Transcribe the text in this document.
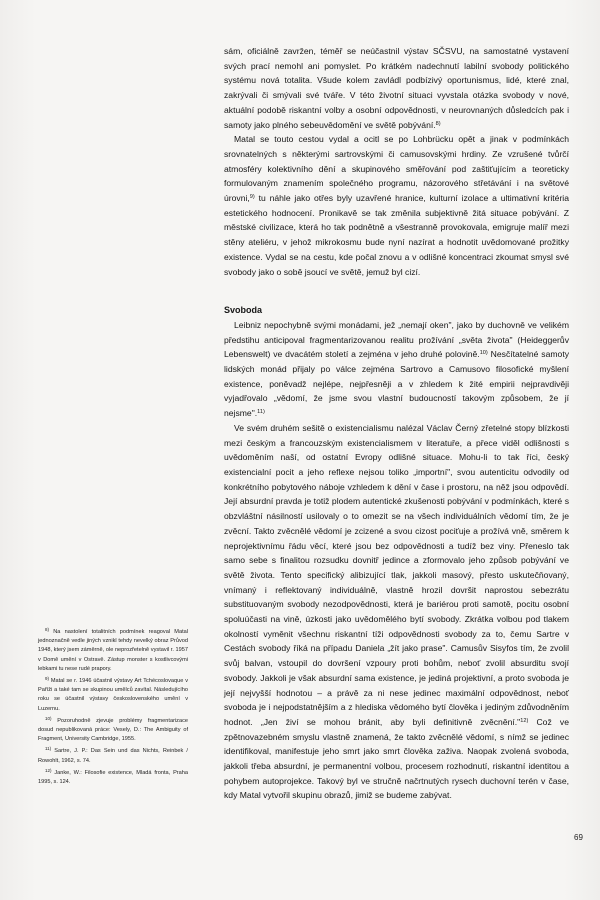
sám, oficiálně zavržen, téměř se neúčastnil výstav SČSVU, na samostatné vystavení svých prací nemohl ani pomyslet. Po krátkém nadechnutí labilní svobody politického systému nová totalita. Všude kolem zavládl podbízivý oportunismus, lidé, které znal, zakrývali či smývali své tváře. V této životní situaci vyvstala otázka svobody v nové, aktuální podobě riskantní volby a osobní odpovědnosti, v neurovnaných důsledcích pak i samoty jako plného sebeuvědomění ve světě pobývání.$^{8)}$

Matal se touto cestou vydal a ocitl se po Lohbrücku opět a jinak v podmínkách srovnatelných s některými sartrovskými či camusovskými hrdiny. Ze vzrušené tvůrčí atmosféry kolektivního dění a skupinového směřování pod zaštiťujícím a teoreticky formulovaným znamením společného programu, názorového střetávání i na světové úrovni,$^{9)}$ tu náhle jako otřes byly uzavřené hranice, kulturní izolace a ultimativní kritéria estetického hodnocení. Pronikavě se tak změnila subjektivně žitá situace pobývání. Z městské civilizace, která ho tak podnětně a všestranně provokovala, emigruje malíř mezi stěny ateliéru, v jehož mikrokosmu bude nyní nazírat a hodnotit uvědomované prožitky existence. Vydal se na cestu, kde počal znovu a v odlišné koncentraci zkoumat smysl své svobody jako o sobě jsoucí ve světě, jemuž byl cizí.

Svoboda

Leibniz nepochybně svými monádami, jež „nemají oken", jako by duchovně ve velikém předstihu anticipoval fragmentarizovanou realitu prožívání „světa života" (Heideggerův Lebenswelt) ve dvacátém století a zejména v jeho druhé polovině.$^{10)}$ Nesčítatelné samoty lidských monád přijaly po válce zejména Sartrovo a Camusovo filosofické myšlení existence, poněvadž nejlépe, nejpřesněji a v zhledem k žité empirii nejpravdivěji vyjadřovalo „vědomí, že jsme svou vlastní budoucností takovým způsobem, že jí nejsme".$^{11)}$

Ve svém druhém sešitě o existencialismu nalézal Václav Černý zřetelné stopy blízkosti mezi českým a francouzským existencialismem v literatuře, a přece viděl odlišnosti s uvědoměním naší, od ostatní Evropy odlišné situace. Mohu-li to tak říci, český existencialní pocit a jeho reflexe nejsou toliko „importní", svou autenticitu odvodily od konkrétního pobytového náboje vzhledem k dění v čase i prostoru, na něž jsou odpovědí. Její absurdní pravda je totiž plodem autentické zkušenosti pobývání v podmínkách, které s obzvláštní násilností usilovaly o to omezit se na všech individuálních vědomí tím, že je zvěcní. Takto zvěcnělé vědomí je zcizené a svou cizost pociťuje a prožívá vně, směrem k neprojektivnímu řádu věcí, které jsou bez odpovědnosti a tudíž bez viny. Přeneslo tak samo sebe s finalitou rozsudku dovnitř jedince a zformovalo jeho způsob pobývání ve světě života. Tento specifický alibizující tlak, jakkoli masový, přesto uskutečňovaný, vnímaný i reflektovaný individuálně, vlastně hrozil dovršit naprostou sebezrátu substituovaným svobody nezodpovědnosti, která je bariérou proti samotě, pocitu osobní spoluúčasti na vině, úzkosti jako uvědomělého bytí svobody. Zkrátka volbou pod tlakem okolností vyměnit všechnu riskantní tíži odpovědnosti svobody za to, čemu Sartre v Cestách svobody říká na případu Daniela „žít jako prase". Camusův Sisyfos tím, že zvolil svůj balvan, vstoupil do dovršení vzpoury proti bohům, neboť zvolil absurditu svojí svobody. Jakkoli je však absurdní sama existence, je jediná projektivní, a proto svoboda je její nejvyšší hodnotou – a právě za ni nese jedinec maximální odpovědnost, neboť svoboda je i nejpodstatnějším a z hlediska vědomého bytí člověka i jediným zdůvodněním hodnot. „Jen živí se mohou bránit, aby byli definitivně zvěcnění."$^{12)}$ Což ve zpětnovazebném smyslu vlastně znamená, že takto zvěcnělé vědomí, s nímž se jedinec identifikoval, manifestuje jeho smrt jako smrt člověka zaživa. Naopak zvolená svoboda, jakkoli třeba absurdní, je permanentní volbou, procesem rozhodnutí, riskantní identitou a pohybem autoprojekce. Takový byl ve stručně načrtnutých rysech duchovní terén v čase, kdy Matal vytvořil skupinu obrazů, jimiž se budeme zabývat.

$^{8)}$ Na nastolení totalitních podmínek reagoval Matal jednoznačně vedle jiných vznikl tehdy nevelký obraz Průvod 1948, který jsem záměrně, ole neprozřetelně vystavil r. 1957 v Domě umění v Ostravě. Zástup monster s kostlivcovými lebkami tu nese rudé prapory.

$^{9)}$ Matal se r. 1946 účastnil výstavy Art Tchécoslovaque v Paříži a také tam se skupinou umělců zavítal. Následujícího roku se účastnil výstavy československého umění v Luzernu.

$^{10)}$ Pozoruhodně zjevuje problémy fragmentarizace dosud nepublikovaná práce: Vesely, D.: The Ambiguity of Fragment, University Cambridge, 1955.

$^{11)}$ Sartre, J. P.: Das Sein und das Nichts, Reinbek / Rowohlt, 1962, s. 74.

$^{12)}$ Janke, W.: Filosofie existence, Mladá fronta, Praha 1995, s. 124.

69
